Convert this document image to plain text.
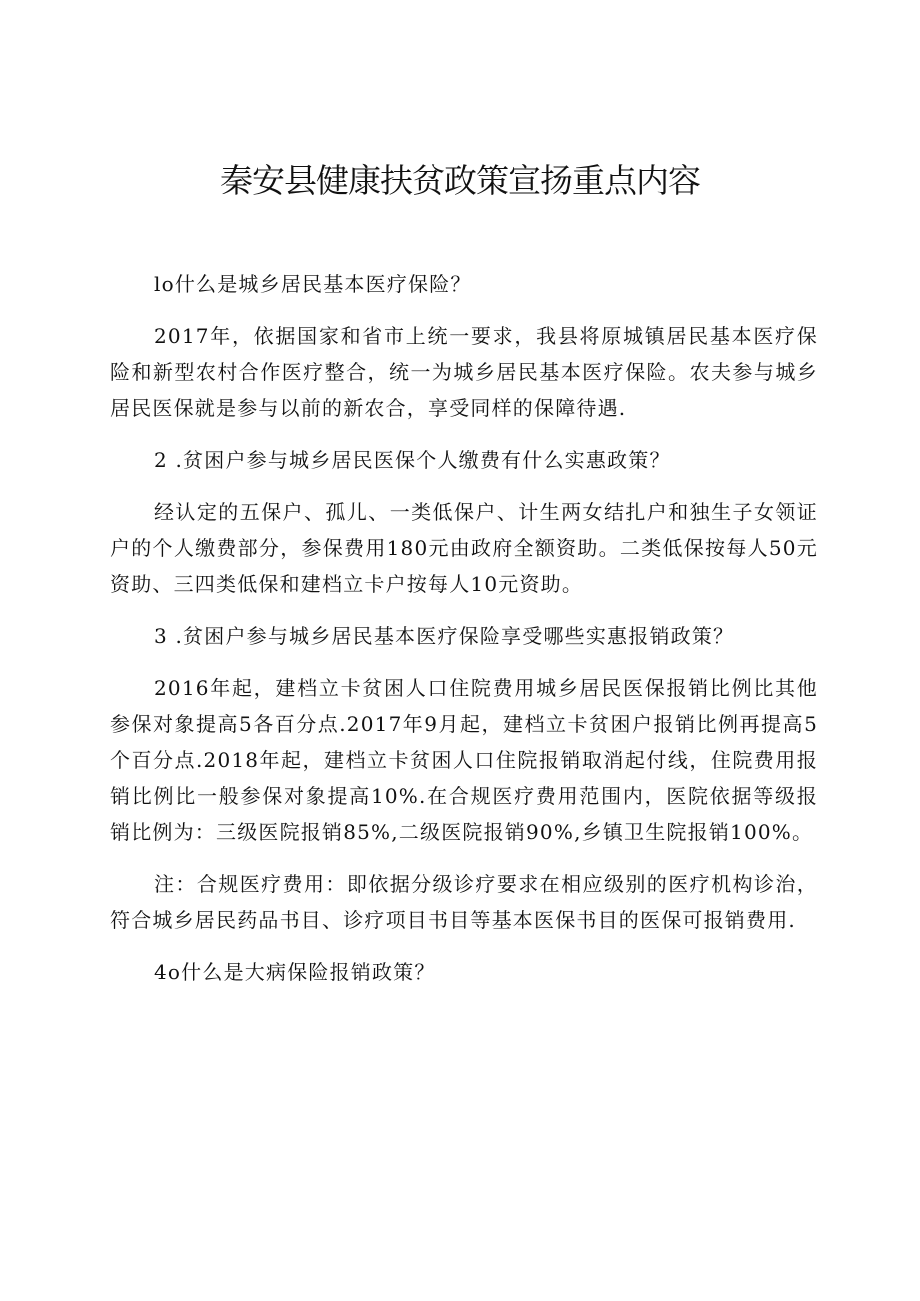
秦安县健康扶贫政策宣扬重点内容

lo什么是城乡居民基本医疗保险？

2017年，依据国家和省市上统一要求，我县将原城镇居民基本医疗保险和新型农村合作医疗整合，统一为城乡居民基本医疗保险。农夫参与城乡居民医保就是参与以前的新农合，享受同样的保障待遇.

2 .贫困户参与城乡居民医保个人缴费有什么实惠政策？

经认定的五保户、孤儿、一类低保户、计生两女结扎户和独生子女领证户的个人缴费部分，参保费用180元由政府全额资助。二类低保按每人50元资助、三四类低保和建档立卡户按每人10元资助。

3 .贫困户参与城乡居民基本医疗保险享受哪些实惠报销政策？

2016年起，建档立卡贫困人口住院费用城乡居民医保报销比例比其他参保对象提高5各百分点.2017年9月起，建档立卡贫困户报销比例再提高5个百分点.2018年起，建档立卡贫困人口住院报销取消起付线，住院费用报销比例比一般参保对象提高10%.在合规医疗费用范围内，医院依据等级报销比例为：三级医院报销85%,二级医院报销90%,乡镇卫生院报销100%。

注：合规医疗费用：即依据分级诊疗要求在相应级别的医疗机构诊治，符合城乡居民药品书目、诊疗项目书目等基本医保书目的医保可报销费用.

4o什么是大病保险报销政策？
